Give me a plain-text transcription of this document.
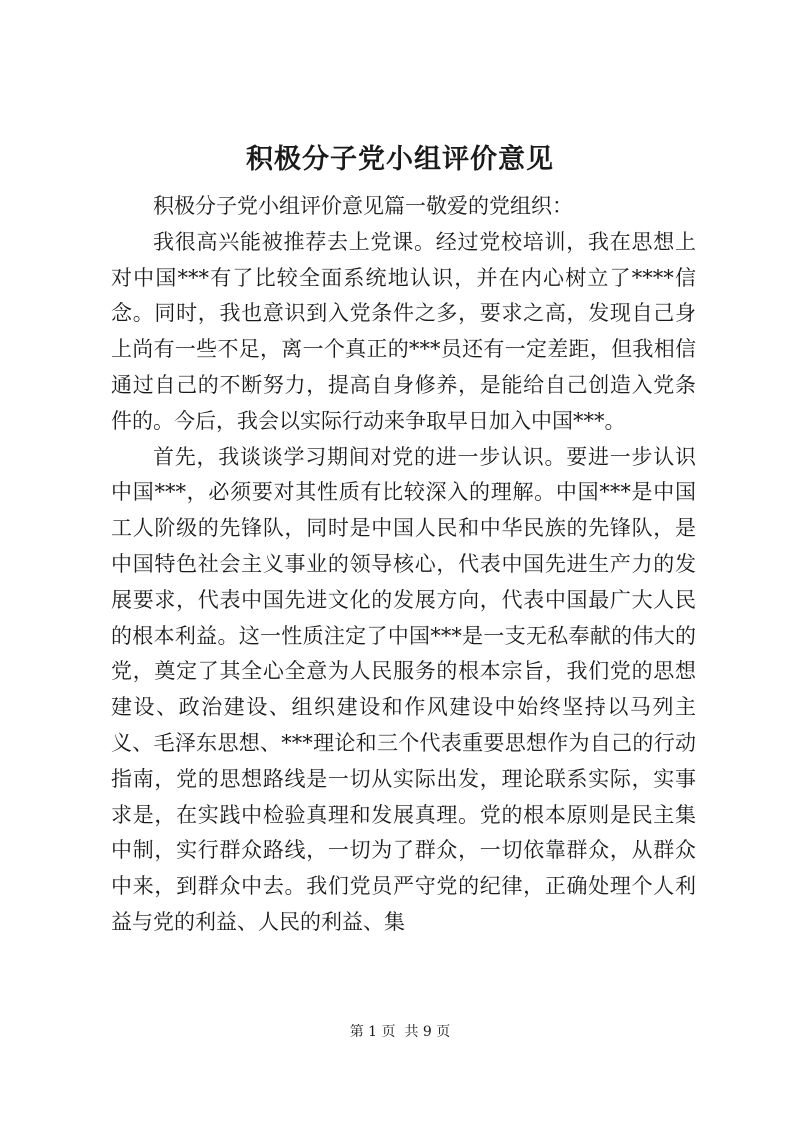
积极分子党小组评价意见

积极分子党小组评价意见篇一敬爱的党组织：

我很高兴能被推荐去上党课。经过党校培训，我在思想上对中国***有了比较全面系统地认识，并在内心树立了****信念。同时，我也意识到入党条件之多，要求之高，发现自己身上尚有一些不足，离一个真正的***员还有一定差距，但我相信通过自己的不断努力，提高自身修养，是能给自己创造入党条件的。今后，我会以实际行动来争取早日加入中国***。

首先，我谈谈学习期间对党的进一步认识。要进一步认识中国***，必须要对其性质有比较深入的理解。中国***是中国工人阶级的先锋队，同时是中国人民和中华民族的先锋队，是中国特色社会主义事业的领导核心，代表中国先进生产力的发展要求，代表中国先进文化的发展方向，代表中国最广大人民的根本利益。这一性质注定了中国***是一支无私奉献的伟大的党，奠定了其全心全意为人民服务的根本宗旨，我们党的思想建设、政治建设、组织建设和作风建设中始终坚持以马列主义、毛泽东思想、***理论和三个代表重要思想作为自己的行动指南，党的思想路线是一切从实际出发，理论联系实际，实事求是，在实践中检验真理和发展真理。党的根本原则是民主集中制，实行群众路线，一切为了群众，一切依靠群众，从群众中来，到群众中去。我们党员严守党的纪律，正确处理个人利益与党的利益、人民的利益、集

第 1 页 共 9 页
